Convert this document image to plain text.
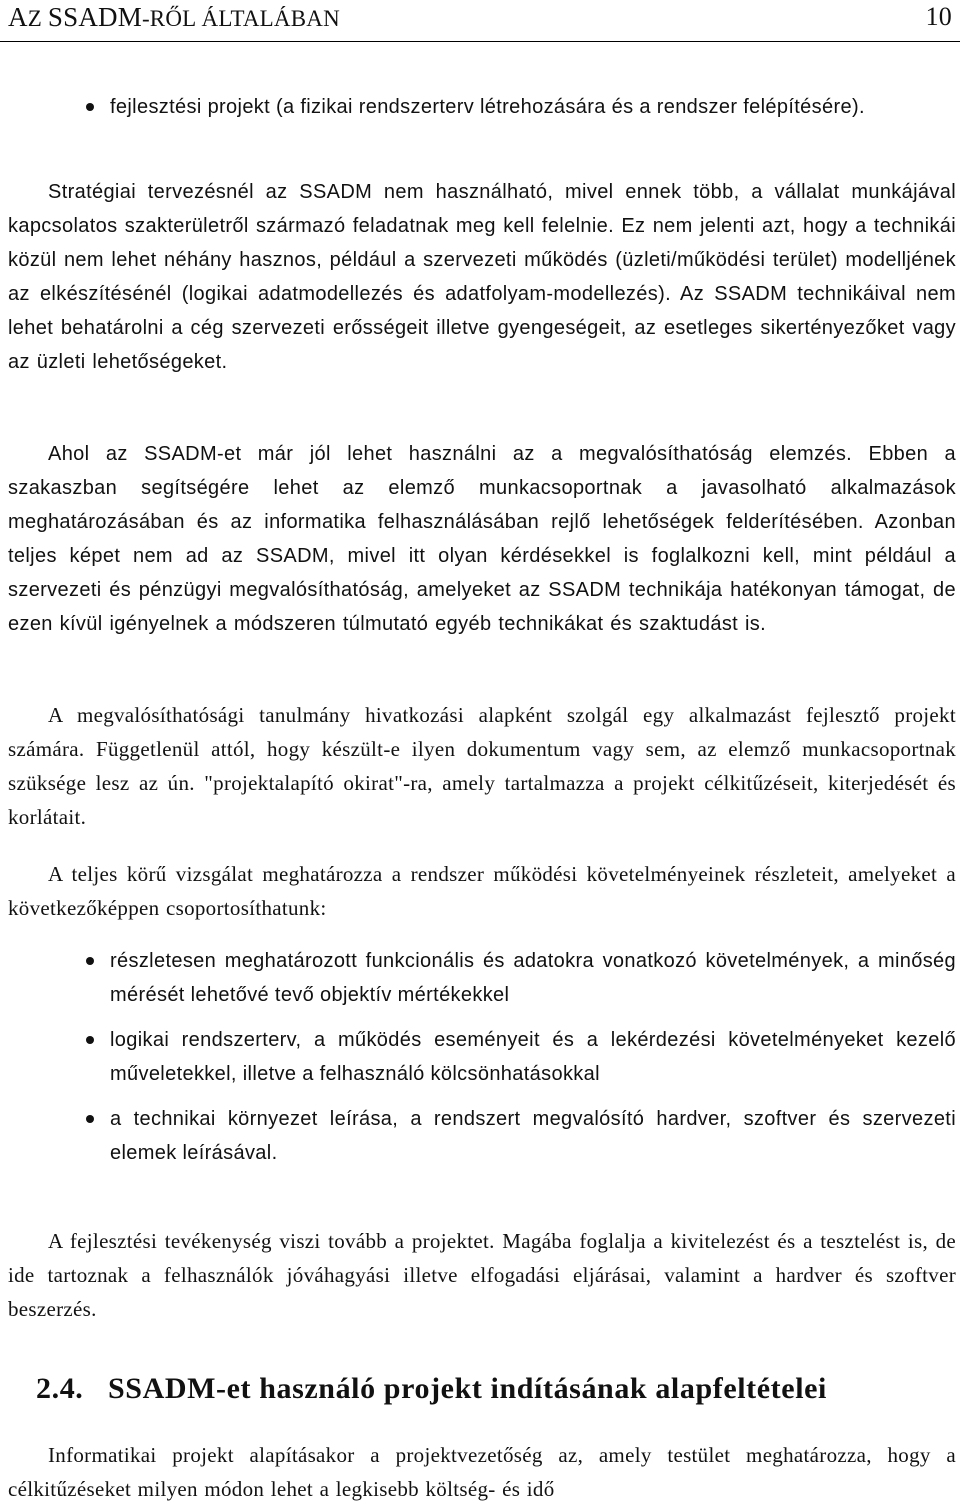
AZ SSADM-RŐL ÁLTALÁBAN	10
fejlesztési projekt (a fizikai rendszerterv létrehozására és a rendszer felépítésére).

Stratégiai tervezésnél az SSADM nem használható, mivel ennek több, a vállalat munkájával kapcsolatos szakterületről származó feladatnak meg kell felelnie. Ez nem jelenti azt, hogy a technikái közül nem lehet néhány hasznos, például a szervezeti működés (üzleti/működési terület) modelljének az elkészítésénél (logikai adatmodellezés és adatfolyam-modellezés). Az SSADM technikáival nem lehet behatárolni a cég szervezeti erősségeit illetve gyengeségeit, az esetleges sikertényezőket vagy az üzleti lehetőségeket.

Ahol az SSADM-et már jól lehet használni az a megvalósíthatóság elemzés. Ebben a szakaszban segítségére lehet az elemző munkacsoportnak a javasolható alkalmazások meghatározásában és az informatika felhasználásában rejlő lehetőségek felderítésében. Azonban teljes képet nem ad az SSADM, mivel itt olyan kérdésekkel is foglalkozni kell, mint például a szervezeti és pénzügyi megvalósíthatóság, amelyeket az SSADM technikája hatékonyan támogat, de ezen kívül igényelnek a módszeren túlmutató egyéb technikákat és szaktudást is.

A megvalósíthatósági tanulmány hivatkozási alapként szolgál egy alkalmazást fejlesztő projekt számára. Függetlenül attól, hogy készült-e ilyen dokumentum vagy sem, az elemző munkacsoportnak szüksége lesz az ún. "projektalapító okirat"-ra, amely tartalmazza a projekt célkitűzéseit, kiterjedését és korlátait.

A teljes körű vizsgálat meghatározza a rendszer működési követelményeinek részleteit, amelyeket a következőképpen csoportosíthatunk:

részletesen meghatározott funkcionális és adatokra vonatkozó követelmények, a minőség mérését lehetővé tevő objektív mértékekkel
logikai rendszerterv, a működés eseményeit és a lekérdezési követelményeket kezelő műveletekkel, illetve a felhasználó kölcsönhatásokkal
a technikai környezet leírása, a rendszert megvalósító hardver, szoftver és szervezeti elemek leírásával.

A fejlesztési tevékenység viszi tovább a projektet. Magába foglalja a kivitelezést és a tesztelést is, de ide tartoznak a felhasználók jóváhagyási illetve elfogadási eljárásai, valamint a hardver és szoftver beszerzés.

2.4. SSADM-et használó projekt indításának alapfeltételei

Informatikai projekt alapításakor a projektvezetőség az, amely testület meghatározza, hogy a célkitűzéseket milyen módon lehet a legkisebb költség- és idő
